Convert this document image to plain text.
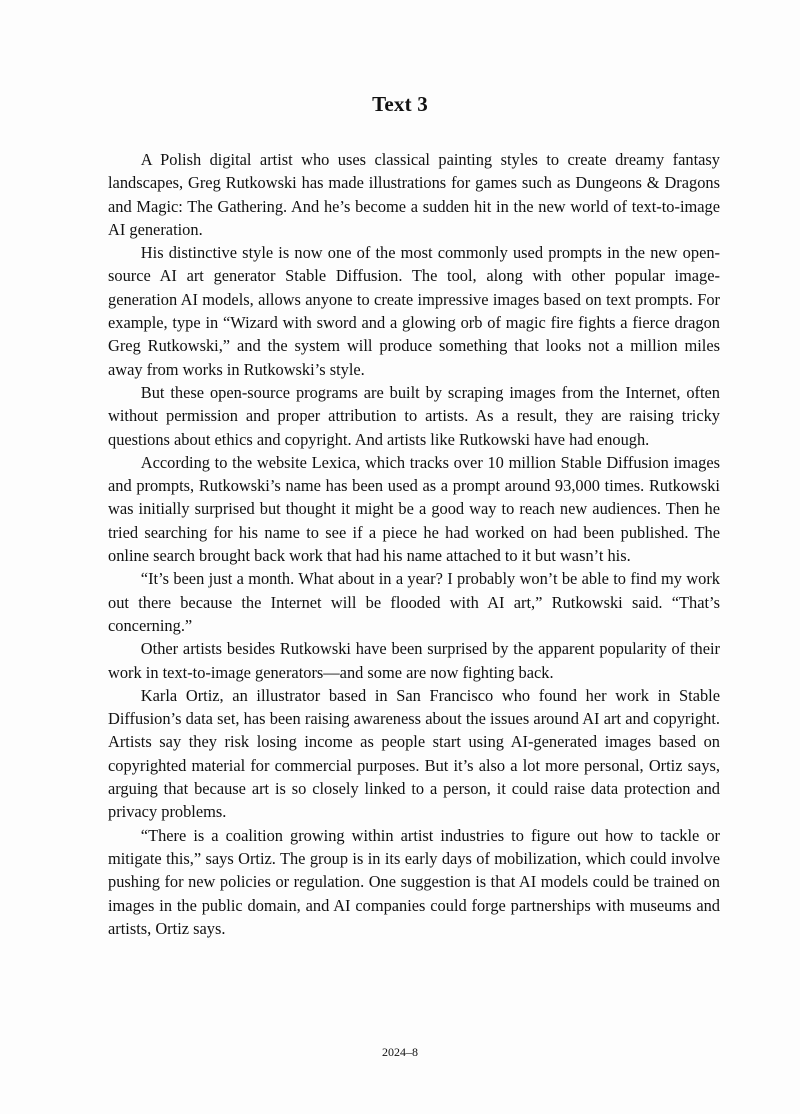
Text 3

A Polish digital artist who uses classical painting styles to create dreamy fantasy landscapes, Greg Rutkowski has made illustrations for games such as Dungeons & Dragons and Magic: The Gathering. And he’s become a sudden hit in the new world of text-to-image AI generation.

His distinctive style is now one of the most commonly used prompts in the new open-source AI art generator Stable Diffusion. The tool, along with other popular image-generation AI models, allows anyone to create impressive images based on text prompts. For example, type in “Wizard with sword and a glowing orb of magic fire fights a fierce dragon Greg Rutkowski,” and the system will produce something that looks not a million miles away from works in Rutkowski’s style.

But these open-source programs are built by scraping images from the Internet, often without permission and proper attribution to artists. As a result, they are raising tricky questions about ethics and copyright. And artists like Rutkowski have had enough.

According to the website Lexica, which tracks over 10 million Stable Diffusion images and prompts, Rutkowski’s name has been used as a prompt around 93,000 times. Rutkowski was initially surprised but thought it might be a good way to reach new audiences. Then he tried searching for his name to see if a piece he had worked on had been published. The online search brought back work that had his name attached to it but wasn’t his.

“It’s been just a month. What about in a year? I probably won’t be able to find my work out there because the Internet will be flooded with AI art,” Rutkowski said. “That’s concerning.”

Other artists besides Rutkowski have been surprised by the apparent popularity of their work in text-to-image generators—and some are now fighting back.

Karla Ortiz, an illustrator based in San Francisco who found her work in Stable Diffusion’s data set, has been raising awareness about the issues around AI art and copyright. Artists say they risk losing income as people start using AI-generated images based on copyrighted material for commercial purposes. But it’s also a lot more personal, Ortiz says, arguing that because art is so closely linked to a person, it could raise data protection and privacy problems.

“There is a coalition growing within artist industries to figure out how to tackle or mitigate this,” says Ortiz. The group is in its early days of mobilization, which could involve pushing for new policies or regulation. One suggestion is that AI models could be trained on images in the public domain, and AI companies could forge partnerships with museums and artists, Ortiz says.

2024–8
